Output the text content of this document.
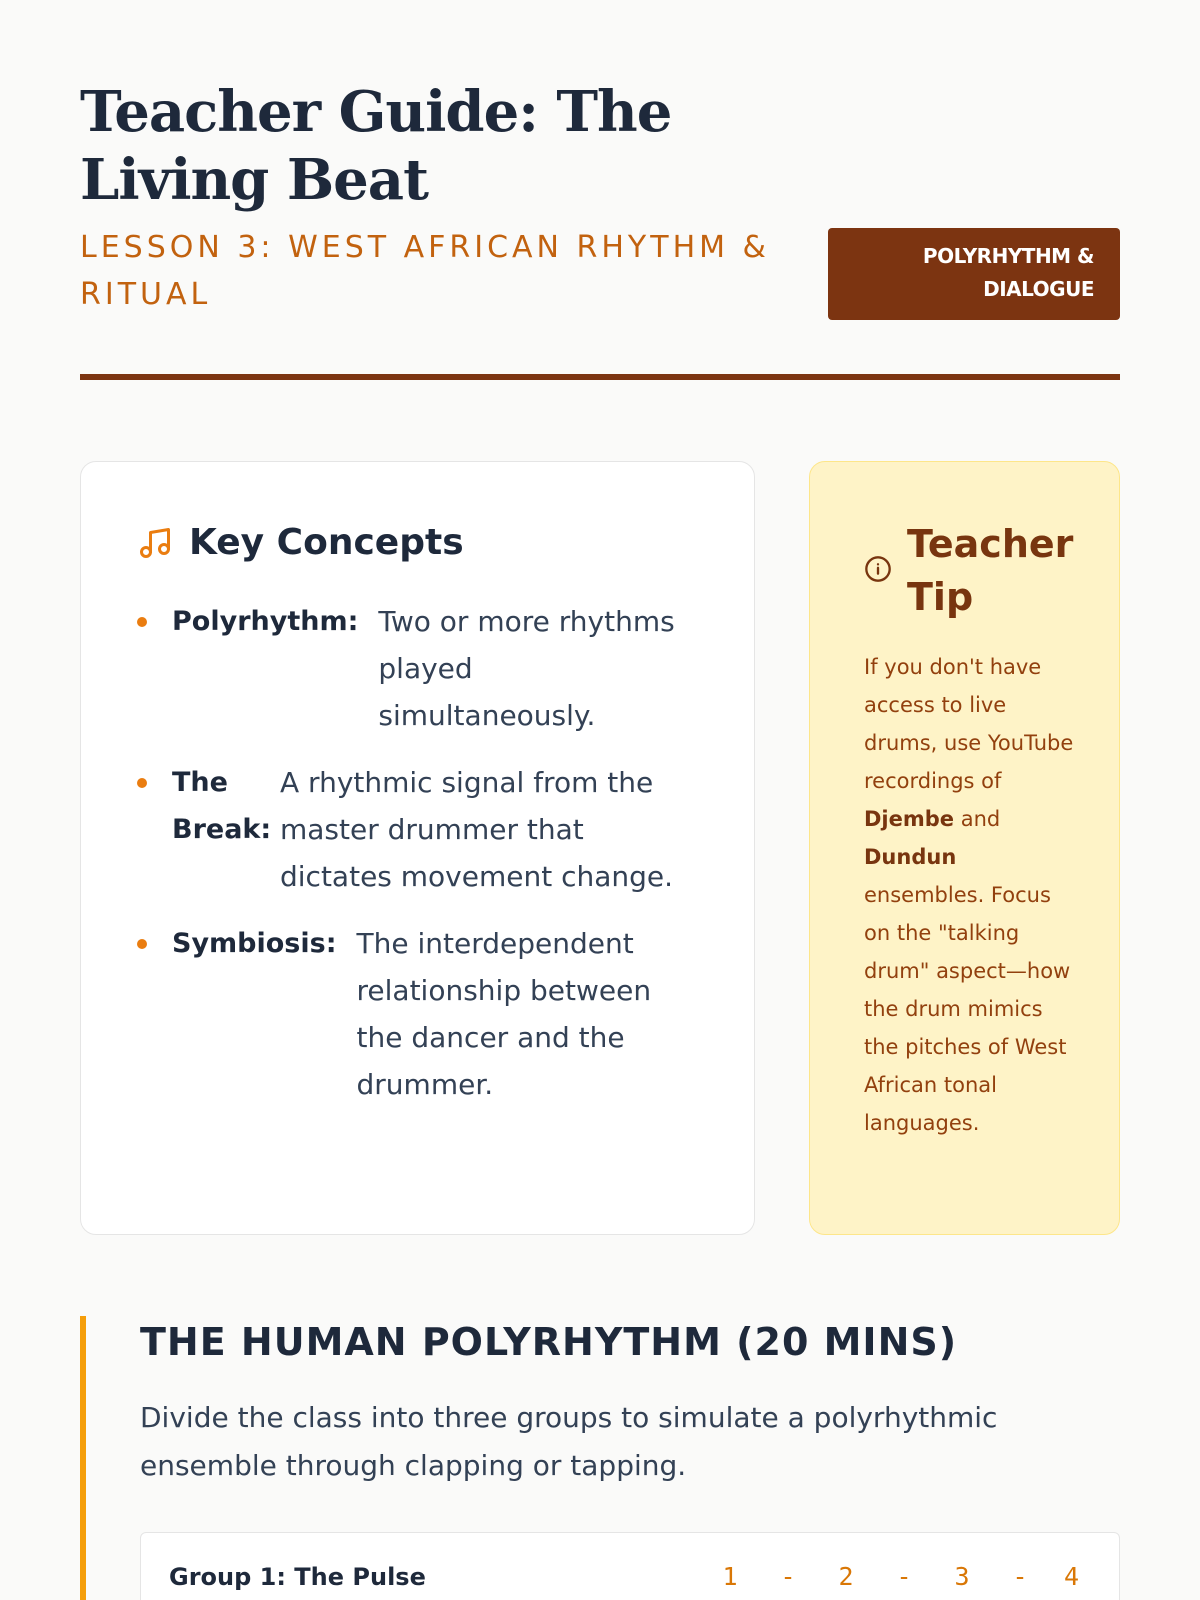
Teacher Guide: The Living Beat
LESSON 3: WEST AFRICAN RHYTHM & RITUAL
POLYRHYTHM &
DIALOGUE
Key Concepts
Polyrhythm: Two or more rhythms played simultaneously.
The Break:
A rhythmic signal from the master drummer that dictates movement change.
Symbiosis: The interdependent relationship between the dancer and the drummer.
Teacher Tip

If you don't have access to live drums, use YouTube recordings of Djembe and Dundun ensembles. Focus on the "talking drum" aspect—how the drum mimics the pitches of West African tonal languages.

THE HUMAN POLYRHYTHM (20 MINS)

Divide the class into three groups to simulate a polyrhythmic ensemble through clapping or tapping.

Group 1: The Pulse	1	-	2	-	3	-	4
